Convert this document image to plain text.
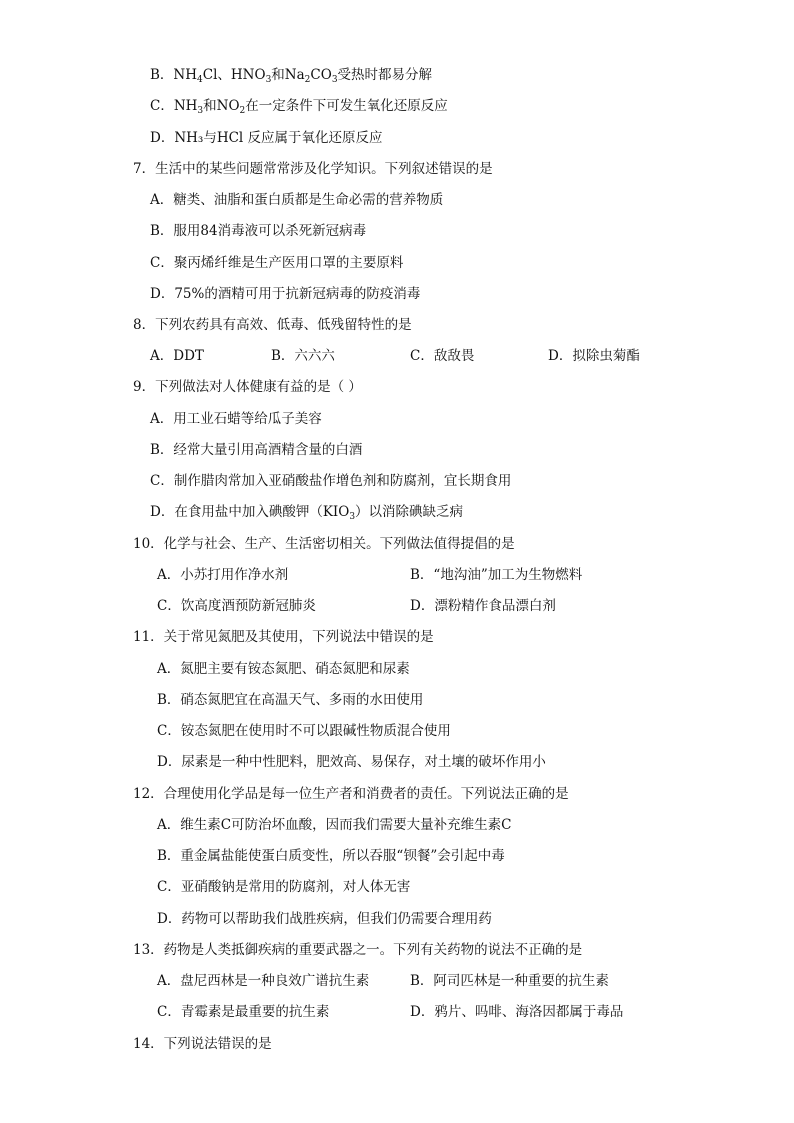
B．$NH_4Cl$、$HNO_3$和$Na_2CO_3$受热时都易分解
C．$NH_3$和$NO_2$在一定条件下可发生氧化还原反应
D．NH₃与HCl 反应属于氧化还原反应
7．生活中的某些问题常常涉及化学知识。下列叙述错误的是
A．糖类、油脂和蛋白质都是生命必需的营养物质
B．服用84消毒液可以杀死新冠病毒
C．聚丙烯纤维是生产医用口罩的主要原料
D．75%的酒精可用于抗新冠病毒的防疫消毒
8．下列农药具有高效、低毒、低残留特性的是
A．DDT	B．六六六	C．敌敌畏	D．拟除虫菊酯
9．下列做法对人体健康有益的是（ ）
A．用工业石蜡等给瓜子美容
B．经常大量引用高酒精含量的白酒
C．制作腊肉常加入亚硝酸盐作增色剂和防腐剂，宜长期食用
D．在食用盐中加入碘酸钾$(KIO_3)$以消除碘缺乏病
10．化学与社会、生产、生活密切相关。下列做法值得提倡的是
A．小苏打用作净水剂	B．“地沟油”加工为生物燃料
C．饮高度酒预防新冠肺炎	D．漂粉精作食品漂白剂
11．关于常见氮肥及其使用，下列说法中错误的是
A．氮肥主要有铵态氮肥、硝态氮肥和尿素
B．硝态氮肥宜在高温天气、多雨的水田使用
C．铵态氮肥在使用时不可以跟碱性物质混合使用
D．尿素是一种中性肥料，肥效高、易保存，对土壤的破坏作用小
12．合理使用化学品是每一位生产者和消费者的责任。下列说法正确的是
A．维生素C可防治坏血酸，因而我们需要大量补充维生素C
B．重金属盐能使蛋白质变性，所以吞服“钡餐”会引起中毒
C．亚硝酸钠是常用的防腐剂，对人体无害
D．药物可以帮助我们战胜疾病，但我们仍需要合理用药
13．药物是人类抵御疾病的重要武器之一。下列有关药物的说法不正确的是
A．盘尼西林是一种良效广谱抗生素	B．阿司匹林是一种重要的抗生素
C．青霉素是最重要的抗生素	D．鸦片、吗啡、海洛因都属于毒品
14．下列说法错误的是
